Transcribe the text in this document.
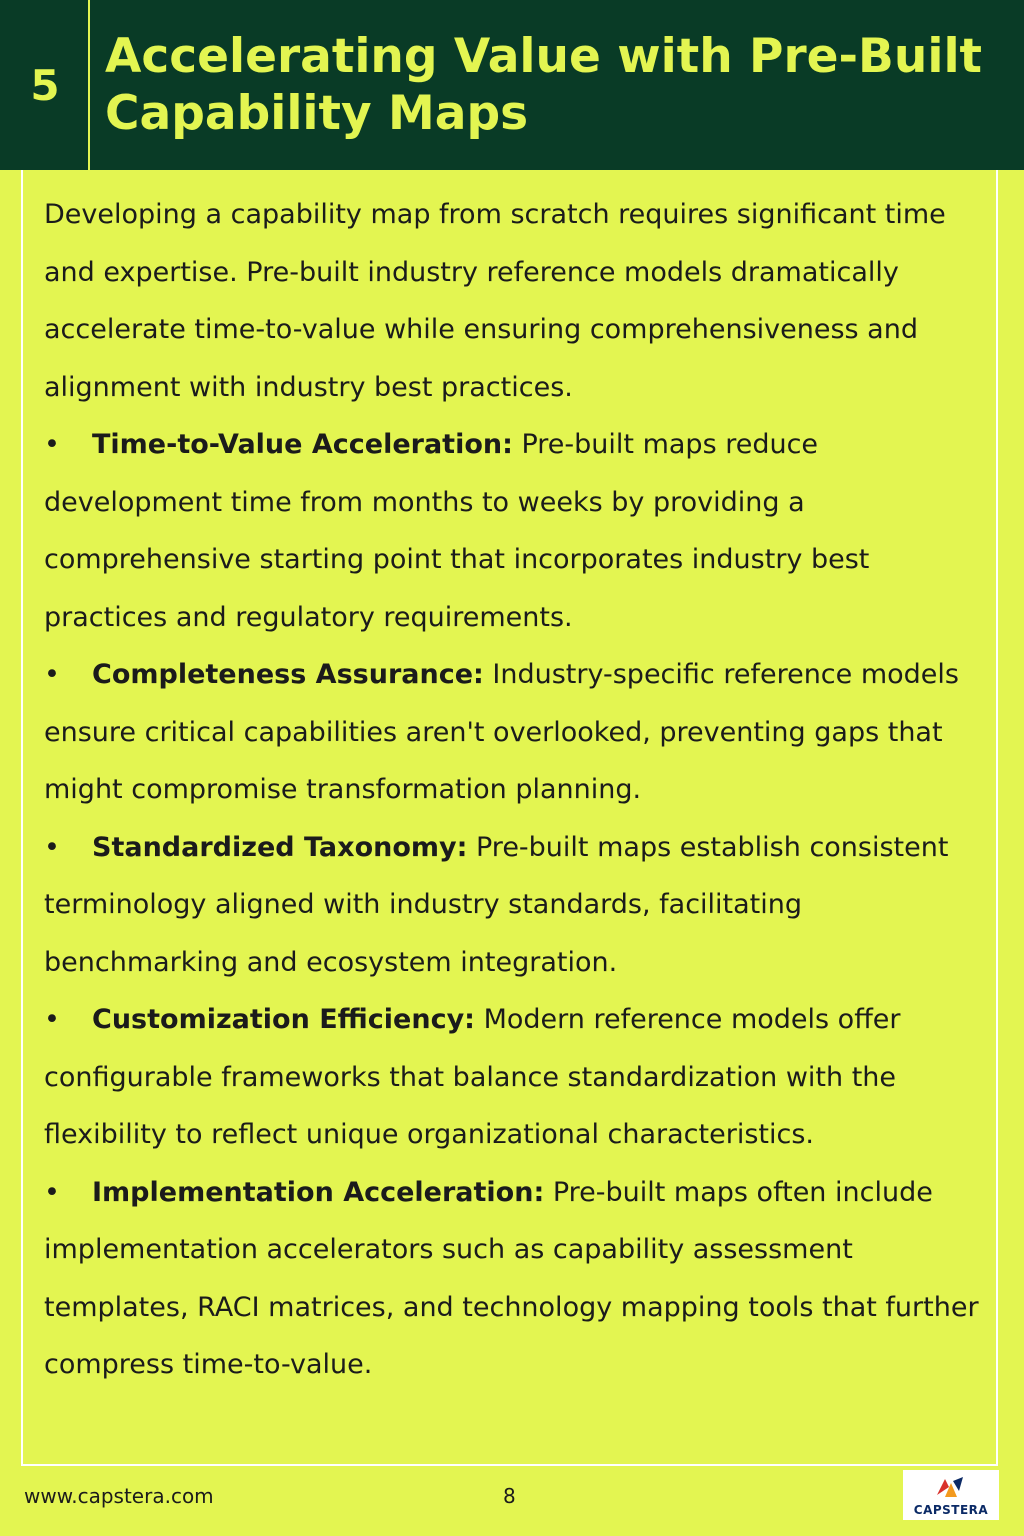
5
Accelerating Value with Pre-Built Capability Maps

Developing a capability map from scratch requires significant time and expertise. Pre-built industry reference models dramatically accelerate time-to-value while ensuring comprehensiveness and alignment with industry best practices.

• Time-to-Value Acceleration: Pre-built maps reduce development time from months to weeks by providing a comprehensive starting point that incorporates industry best practices and regulatory requirements.

• Completeness Assurance: Industry-specific reference models ensure critical capabilities aren't overlooked, preventing gaps that might compromise transformation planning.

• Standardized Taxonomy: Pre-built maps establish consistent terminology aligned with industry standards, facilitating benchmarking and ecosystem integration.

• Customization Efficiency: Modern reference models offer configurable frameworks that balance standardization with the flexibility to reflect unique organizational characteristics.

• Implementation Acceleration: Pre-built maps often include implementation accelerators such as capability assessment templates, RACI matrices, and technology mapping tools that further compress time-to-value.

www.capstera.com	8
CAPSTERA
